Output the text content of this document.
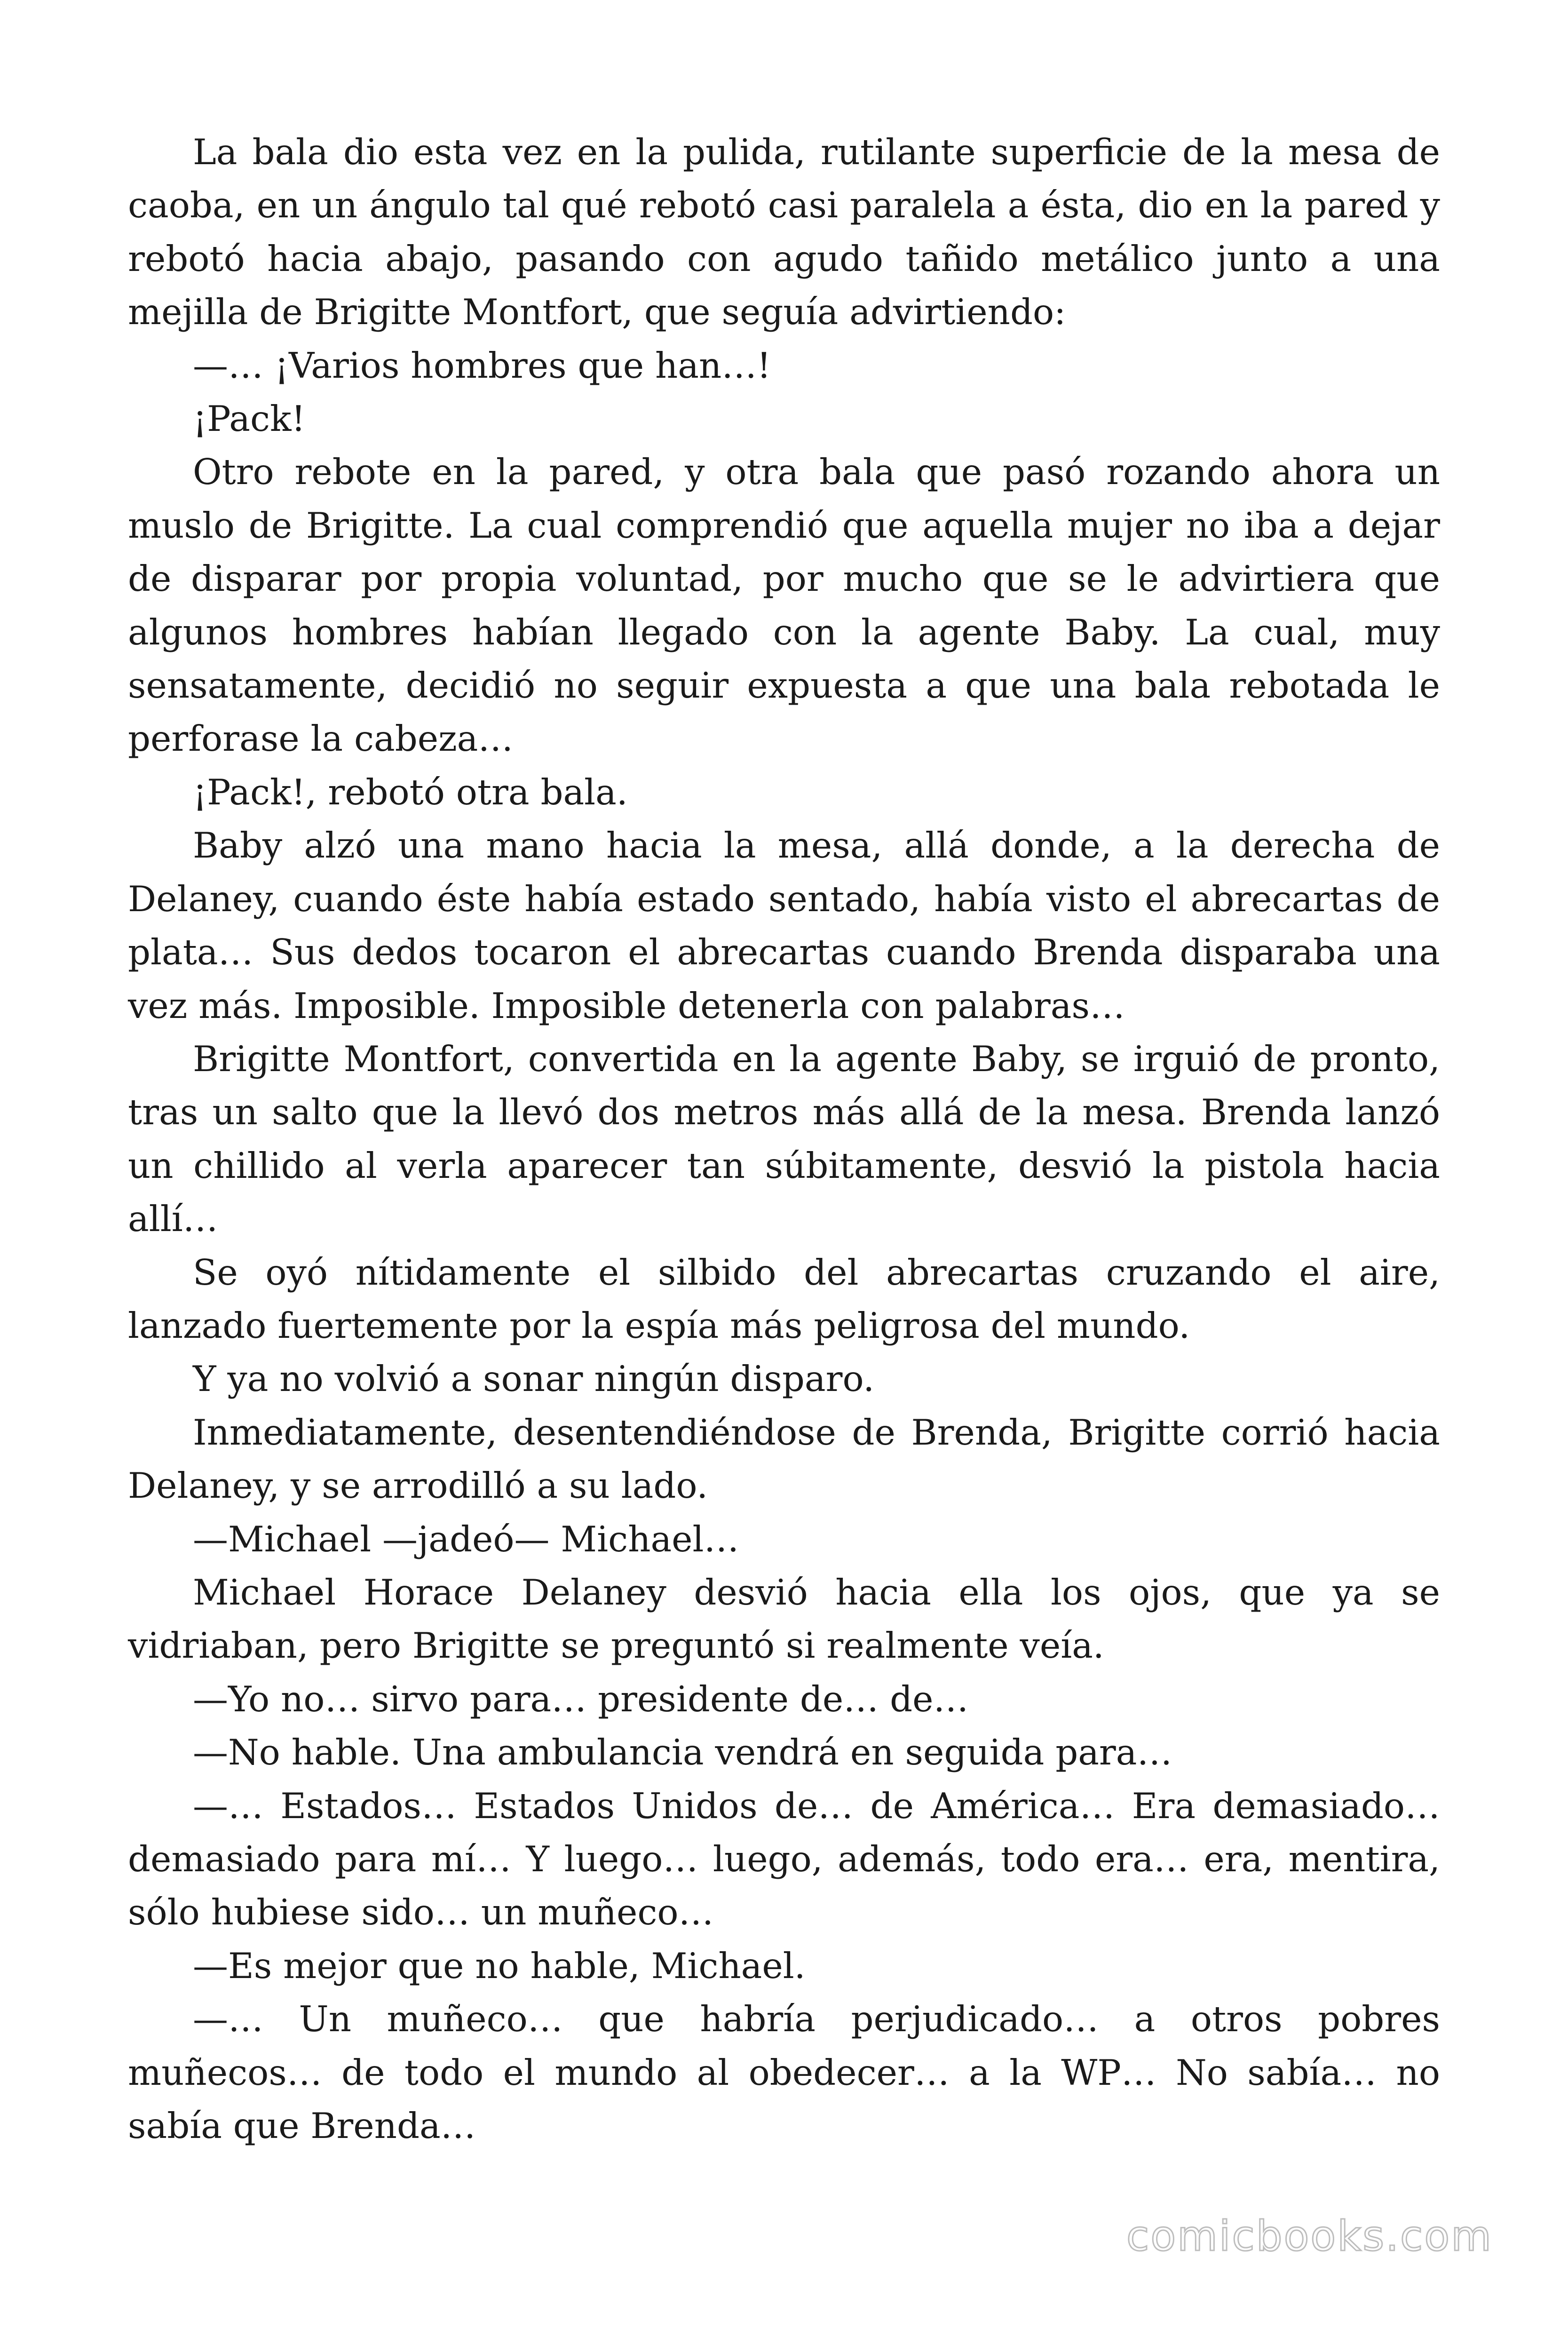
La bala dio esta vez en la pulida, rutilante superficie de la mesa de caoba, en un ángulo tal qué rebotó casi paralela a ésta, dio en la pared y rebotó hacia abajo, pasando con agudo tañido metálico junto a una mejilla de Brigitte Montfort, que seguía advirtiendo:

—… ¡Varios hombres que han…!

¡Pack!

Otro rebote en la pared, y otra bala que pasó rozando ahora un muslo de Brigitte. La cual comprendió que aquella mujer no iba a dejar de disparar por propia voluntad, por mucho que se le advirtiera que algunos hombres habían llegado con la agente Baby. La cual, muy sensatamente, decidió no seguir expuesta a que una bala rebotada le perforase la cabeza…

¡Pack!, rebotó otra bala.

Baby alzó una mano hacia la mesa, allá donde, a la derecha de Delaney, cuando éste había estado sentado, había visto el abrecartas de plata… Sus dedos tocaron el abrecartas cuando Brenda disparaba una vez más. Imposible. Imposible detenerla con palabras…

Brigitte Montfort, convertida en la agente Baby, se irguió de pronto, tras un salto que la llevó dos metros más allá de la mesa. Brenda lanzó un chillido al verla aparecer tan súbitamente, desvió la pistola hacia allí…

Se oyó nítidamente el silbido del abrecartas cruzando el aire, lanzado fuertemente por la espía más peligrosa del mundo.

Y ya no volvió a sonar ningún disparo.

Inmediatamente, desentendiéndose de Brenda, Brigitte corrió hacia Delaney, y se arrodilló a su lado.

—Michael —jadeó— Michael…

Michael Horace Delaney desvió hacia ella los ojos, que ya se vidriaban, pero Brigitte se preguntó si realmente veía.

—Yo no… sirvo para… presidente de… de…

—No hable. Una ambulancia vendrá en seguida para…

—… Estados… Estados Unidos de… de América… Era demasiado… demasiado para mí… Y luego… luego, además, todo era… era, mentira, sólo hubiese sido… un muñeco…

—Es mejor que no hable, Michael.

—… Un muñeco… que habría perjudicado… a otros pobres muñecos… de todo el mundo al obedecer… a la WP… No sabía… no sabía que Brenda…

comicbooks.com
